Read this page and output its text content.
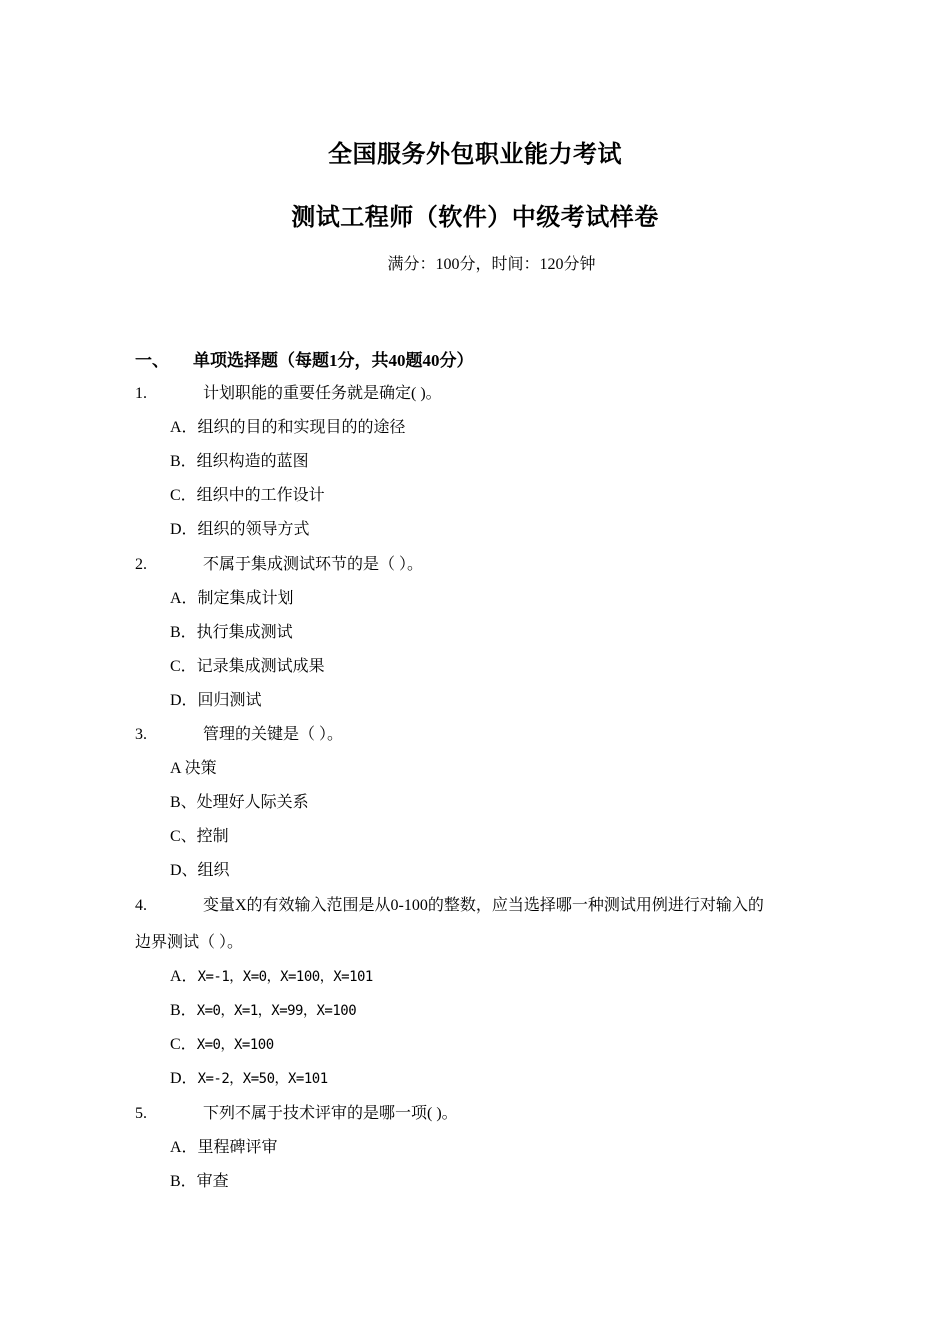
全国服务外包职业能力考试
测试工程师（软件）中级考试样卷
满分：100分，时间：120分钟
一、 单项选择题（每题1分，共40题40分）
1.	计划职能的重要任务就是确定( )。
A．组织的目的和实现目的的途径
B．组织构造的蓝图
C．组织中的工作设计
D．组织的领导方式
2.	不属于集成测试环节的是（ ）。
A．制定集成计划
B．执行集成测试
C．记录集成测试成果
D．回归测试
3.	管理的关键是（ ）。
A 决策
B、处理好人际关系
C、控制
D、组织
4.	变量X的有效输入范围是从0-100的整数，应当选择哪一种测试用例进行对输入的
边界测试（ ）。
A．X=-1，X=0，X=100，X=101
B．X=0，X=1，X=99，X=100
C．X=0，X=100
D．X=-2，X=50，X=101
5.	下列不属于技术评审的是哪一项( )。
A．里程碑评审
B．审查
